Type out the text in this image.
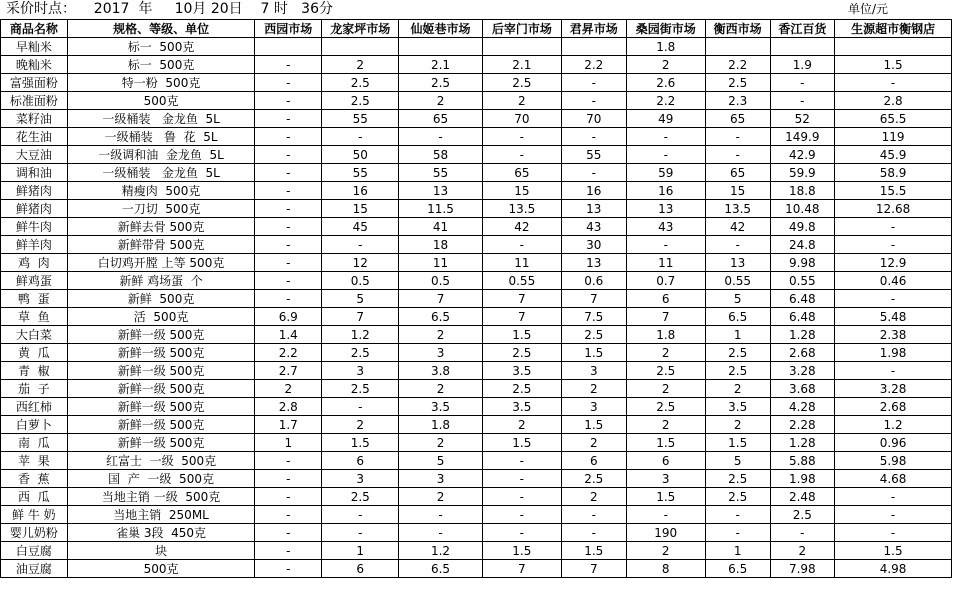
采价时点：    2017  年     10月 20日    7 时   36分	单位/元
商品名称	规格、等级、单位	西园市场	龙家坪市场	仙姬巷市场	后宰门市场	君昇市场	桑园街市场	衡西市场	香江百货	生源超市衡钢店
早籼米	标一  500克						1.8			
晚籼米	标一  500克	-	2	2.1	2.1	2.2	2	2.2	1.9	1.5
富强面粉	特一粉  500克	-	2.5	2.5	2.5	-	2.6	2.5	-	-
标准面粉	500克	-	2.5	2	2	-	2.2	2.3	-	2.8
菜籽油	一级桶装   金龙鱼  5L	-	55	65	70	70	49	65	52	65.5
花生油	一级桶装   鲁  花  5L	-	-	-	-	-	-	-	149.9	119
大豆油	一级调和油  金龙鱼  5L	-	50	58	-	55	-	-	42.9	45.9
调和油	一级桶装   金龙鱼  5L	-	55	55	65	-	59	65	59.9	58.9
鲜猪肉	精瘦肉  500克	-	16	13	15	16	16	15	18.8	15.5
鲜猪肉	一刀切  500克	-	15	11.5	13.5	13	13	13.5	10.48	12.68
鲜牛肉	新鲜去骨 500克	-	45	41	42	43	43	42	49.8	-
鲜羊肉	新鲜带骨 500克	-	-	18	-	30	-	-	24.8	-
鸡  肉	白切鸡开膛 上等 500克	-	12	11	11	13	11	13	9.98	12.9
鲜鸡蛋	新鲜 鸡场蛋  个	-	0.5	0.5	0.55	0.6	0.7	0.55	0.55	0.46
鸭  蛋	新鲜  500克	-	5	7	7	7	6	5	6.48	-
草  鱼	活  500克	6.9	7	6.5	7	7.5	7	6.5	6.48	5.48
大白菜	新鲜一级 500克	1.4	1.2	2	1.5	2.5	1.8	1	1.28	2.38
黄  瓜	新鲜一级 500克	2.2	2.5	3	2.5	1.5	2	2.5	2.68	1.98
青  椒	新鲜一级 500克	2.7	3	3.8	3.5	3	2.5	2.5	3.28	-
茄  子	新鲜一级 500克	2	2.5	2	2.5	2	2	2	3.68	3.28
西红柿	新鲜一级 500克	2.8	-	3.5	3.5	3	2.5	3.5	4.28	2.68
白萝卜	新鲜一级 500克	1.7	2	1.8	2	1.5	2	2	2.28	1.2
南  瓜	新鲜一级 500克	1	1.5	2	1.5	2	1.5	1.5	1.28	0.96
苹  果	红富士  一级  500克	-	6	5	-	6	6	5	5.88	5.98
香  蕉	国  产  一级  500克	-	3	3	-	2.5	3	2.5	1.98	4.68
西  瓜	当地主销 一级  500克	-	2.5	2	-	2	1.5	2.5	2.48	-
鲜 牛 奶	当地主销  250ML	-	-	-	-	-	-	-	2.5	-
婴儿奶粉	雀巢 3段  450克	-	-	-	-	-	190	-	-	-
白豆腐	块	-	1	1.2	1.5	1.5	2	1	2	1.5
油豆腐	500克	-	6	6.5	7	7	8	6.5	7.98	4.98
